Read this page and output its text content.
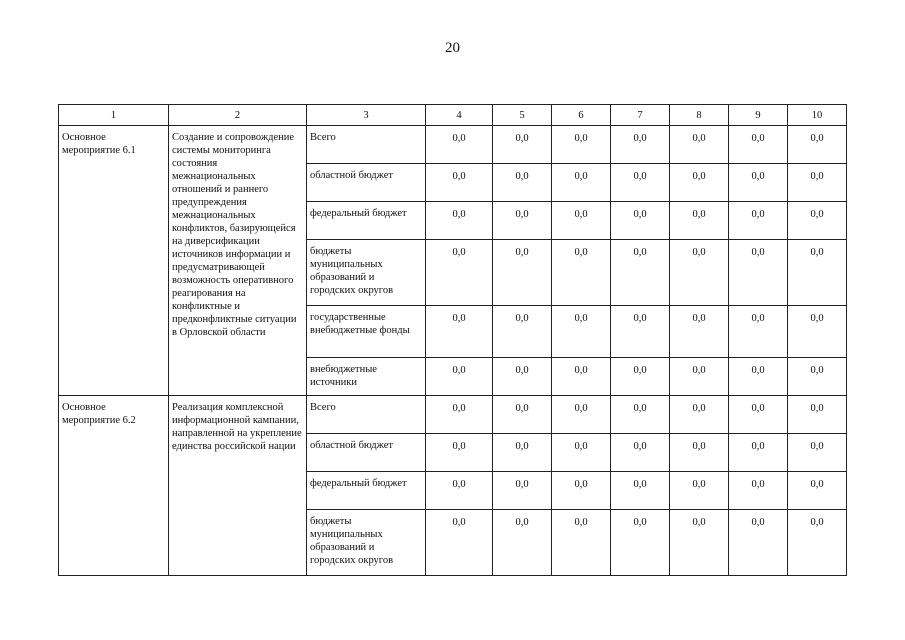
20
1	2	3	4	5	6	7	8	9	10
Основное мероприятие 6.1	Создание и сопровождение системы мониторинга состояния межнациональных отношений и раннего предупреждения межнациональных конфликтов, базирующейся на диверсификации источников информации и предусматривающей возможность оперативного реагирования на конфликтные и предконфликтные ситуации в Орловской области	Всего	0,0	0,0	0,0	0,0	0,0	0,0	0,0
		областной бюджет	0,0	0,0	0,0	0,0	0,0	0,0	0,0
		федеральный бюджет	0,0	0,0	0,0	0,0	0,0	0,0	0,0
		бюджеты муниципальных образований и городских округов	0,0	0,0	0,0	0,0	0,0	0,0	0,0
		государственные внебюджетные фонды	0,0	0,0	0,0	0,0	0,0	0,0	0,0
		внебюджетные источники	0,0	0,0	0,0	0,0	0,0	0,0	0,0
Основное мероприятие 6.2	Реализация комплексной информационной кампании, направленной на укрепление единства российской нации	Всего	0,0	0,0	0,0	0,0	0,0	0,0	0,0
		областной бюджет	0,0	0,0	0,0	0,0	0,0	0,0	0,0
		федеральный бюджет	0,0	0,0	0,0	0,0	0,0	0,0	0,0
		бюджеты муниципальных образований и городских округов	0,0	0,0	0,0	0,0	0,0	0,0	0,0
